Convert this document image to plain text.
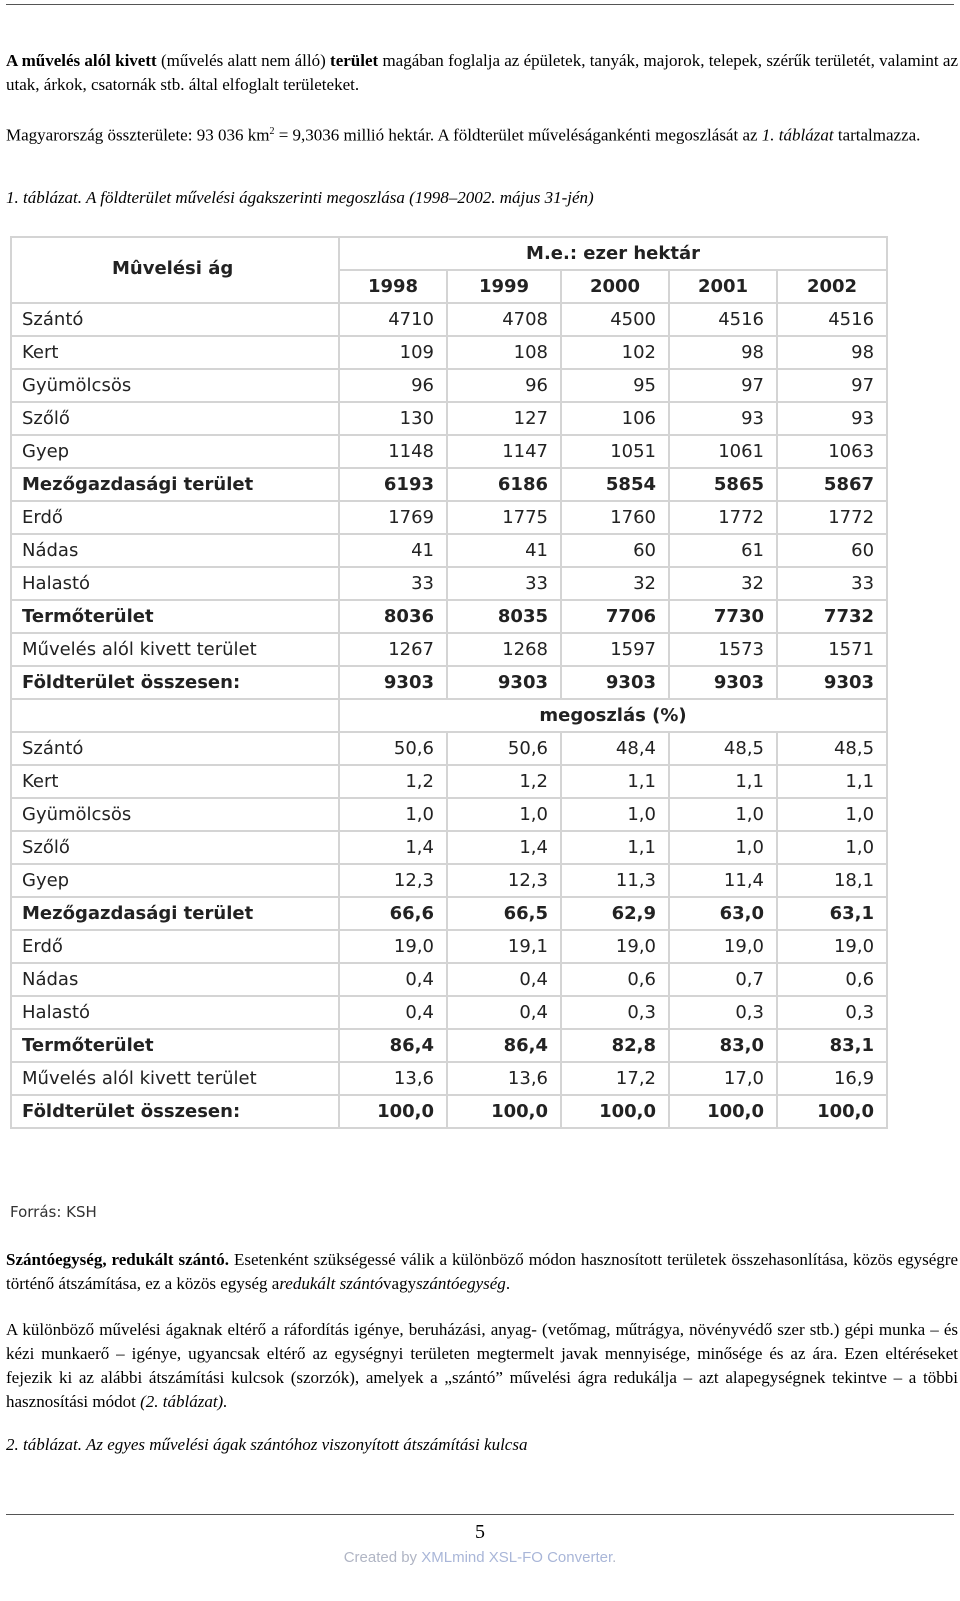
A művelés alól kivett (művelés alatt nem álló) terület magában foglalja az épületek, tanyák, majorok, telepek, szérűk területét, valamint az utak, árkok, csatornák stb. által elfoglalt területeket.

Magyarország összterülete: 93 036 $km^2 = 9,3036$ millió hektár. A földterület műveléságankénti megoszlását az 1. táblázat tartalmazza.

1. táblázat. A földterület művelési ágakszerinti megoszlása (1998–2002. május 31-jén)
Mûvelési ág	M.e.: ezer hektár				
	1998	1999	2000	2001	2002
Szántó	4710	4708	4500	4516	4516
Kert	109	108	102	98	98
Gyümölcsös	96	96	95	97	97
Szőlő	130	127	106	93	93
Gyep	1148	1147	1051	1061	1063
Mezőgazdasági terület	6193	6186	5854	5865	5867
Erdő	1769	1775	1760	1772	1772
Nádas	41	41	60	61	60
Halastó	33	33	32	32	33
Termőterület	8036	8035	7706	7730	7732
Művelés alól kivett terület	1267	1268	1597	1573	1571
Földterület összesen:	9303	9303	9303	9303	9303
	megoszlás (%)				
Szántó	50,6	50,6	48,4	48,5	48,5
Kert	1,2	1,2	1,1	1,1	1,1
Gyümölcsös	1,0	1,0	1,0	1,0	1,0
Szőlő	1,4	1,4	1,1	1,0	1,0
Gyep	12,3	12,3	11,3	11,4	18,1
Mezőgazdasági terület	66,6	66,5	62,9	63,0	63,1
Erdő	19,0	19,1	19,0	19,0	19,0
Nádas	0,4	0,4	0,6	0,7	0,6
Halastó	0,4	0,4	0,3	0,3	0,3
Termőterület	86,4	86,4	82,8	83,0	83,1
Művelés alól kivett terület	13,6	13,6	17,2	17,0	16,9
Földterület összesen:	100,0	100,0	100,0	100,0	100,0
Forrás: KSH

Szántóegység, redukált szántó. Esetenként szükségessé válik a különböző módon hasznosított területek összehasonlítása, közös egységre történő átszámítása, ez a közös egység aredukált szántóvagyszántóegység.

A különböző művelési ágaknak eltérő a ráfordítás igénye, beruházási, anyag- (vetőmag, műtrágya, növényvédő szer stb.) gépi munka – és kézi munkaerő – igénye, ugyancsak eltérő az egységnyi területen megtermelt javak mennyisége, minősége és az ára. Ezen eltéréseket fejezik ki az alábbi átszámítási kulcsok (szorzók), amelyek a „szántó” művelési ágra redukálja – azt alapegységnek tekintve – a többi hasznosítási módot (2. táblázat).

2. táblázat. Az egyes művelési ágak szántóhoz viszonyított átszámítási kulcsa
5
Created by XMLmind XSL-FO Converter.
